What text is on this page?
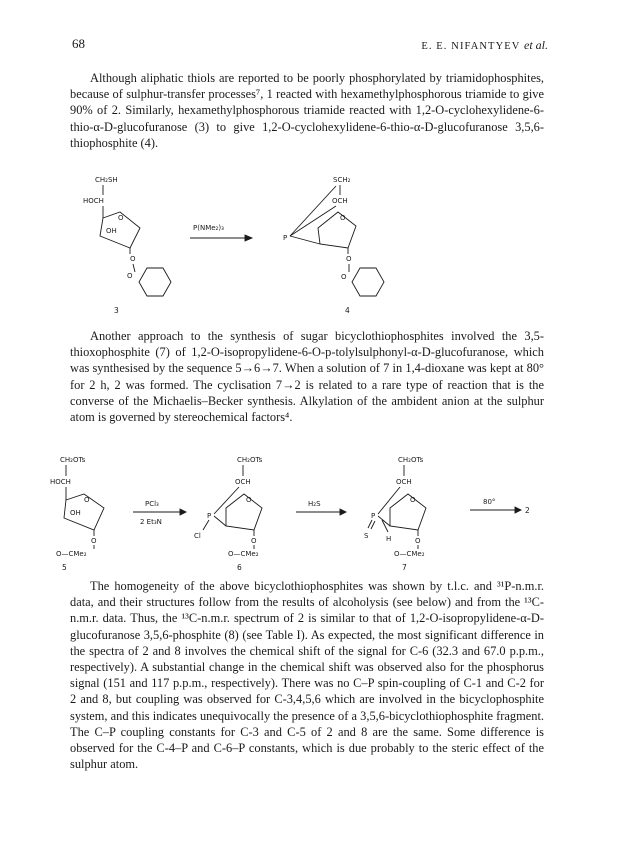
68	E. E. NIFANTYEV et al.

Although aliphatic thiols are reported to be poorly phosphorylated by triamidophosphites, because of sulphur-transfer processes⁷, 1 reacted with hexamethylphosphorous triamide to give 90% of 2. Similarly, hexamethylphosphorous triamide reacted with 1,2-O-cyclohexylidene-6-thio-α-D-glucofuranose (3) to give 1,2-O-cyclohexylidene-6-thio-α-D-glucofuranose 3,5,6-thiophosphite (4).

CH₂SH
HOCH
O
OH
O
O
3
P(NMe₂)₃
SCH₂
OCH
O
P
O
O
4

Another approach to the synthesis of sugar bicyclothiophosphites involved the 3,5-thioxophosphite (7) of 1,2-O-isopropylidene-6-O-p-tolylsulphonyl-α-D-glucofuranose, which was synthesised by the sequence 5→6→7. When a solution of 7 in 1,4-dioxane was kept at 80° for 2 h, 2 was formed. The cyclisation 7→2 is related to a rare type of reaction that is the converse of the Michaelis–Becker synthesis. Alkylation of the ambident anion at the sulphur atom is governed by stereochemical factors⁴.

CH₂OTs
HOCH
O
OH
O
O—CMe₂
5
PCl₃
2 Et₃N
CH₂OTs
OCH
O
P
Cl
O
O—CMe₂
6
H₂S
CH₂OTs
OCH
O
P
S	H	O
O—CMe₂
7
80°
2

The homogeneity of the above bicyclothiophosphites was shown by t.l.c. and ³¹P-n.m.r. data, and their structures follow from the results of alcoholysis (see below) and from the ¹³C-n.m.r. data. Thus, the ¹³C-n.m.r. spectrum of 2 is similar to that of 1,2-O-isopropylidene-α-D-glucofuranose 3,5,6-phosphite (8) (see Table I). As expected, the most significant difference in the spectra of 2 and 8 involves the chemical shift of the signal for C-6 (32.3 and 67.0 p.p.m., respectively). A substantial change in the chemical shift was observed also for the phosphorus signal (151 and 117 p.p.m., respectively). There was no C–P spin-coupling of C-1 and C-2 for 2 and 8, but coupling was observed for C-3,4,5,6 which are involved in the bicyclophosphite system, and this indicates unequivocally the presence of a 3,5,6-bicyclothiophosphite fragment. The C–P coupling constants for C-3 and C-5 of 2 and 8 are the same. Some difference is observed for the C-4–P and C-6–P constants, which is due probably to the steric effect of the sulphur atom.
